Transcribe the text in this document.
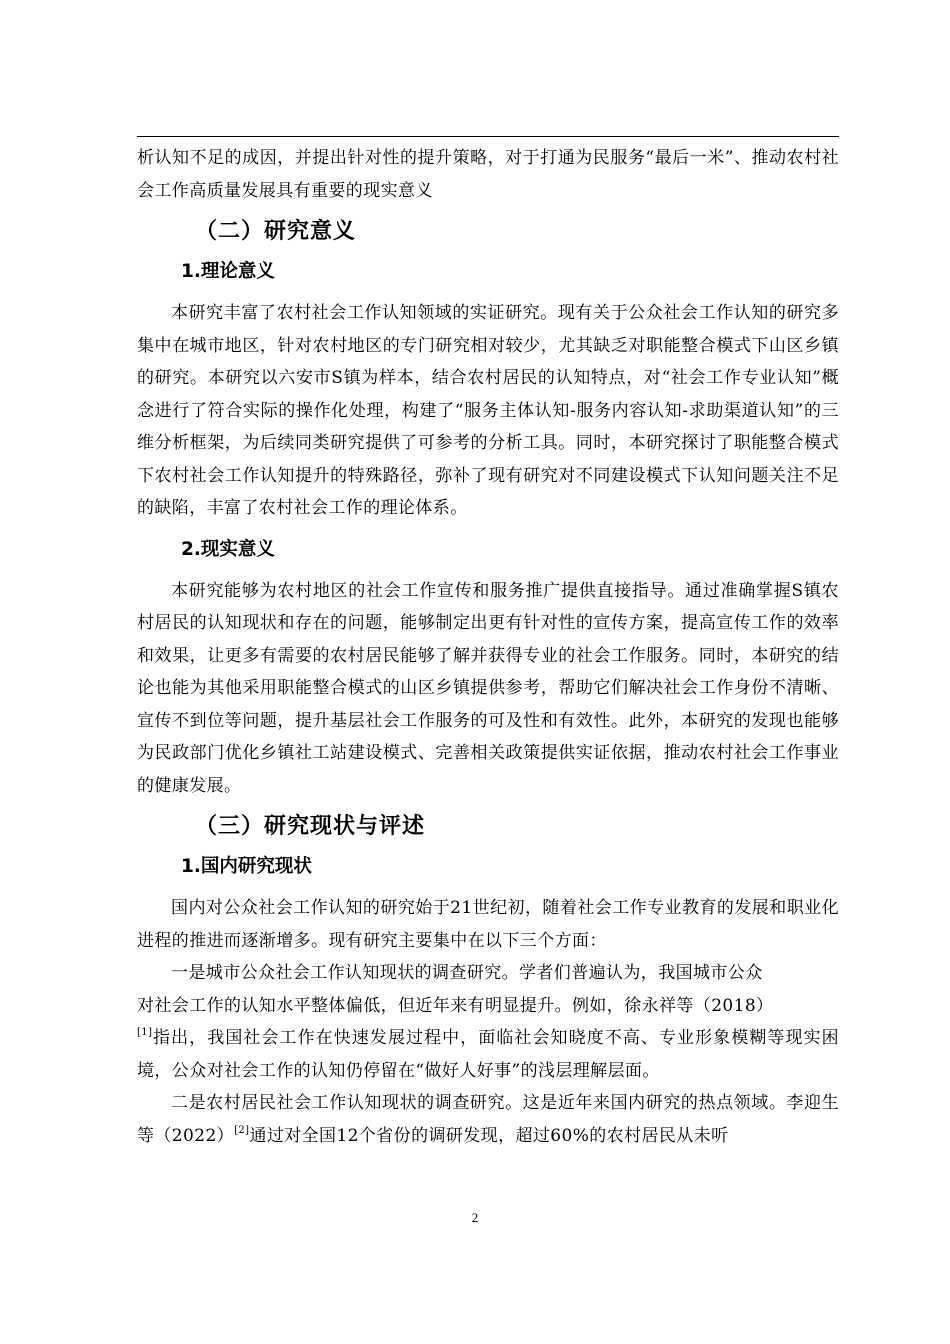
析认知不足的成因，并提出针对性的提升策略，对于打通为民服务“最后一米”、推动农村社会工作高质量发展具有重要的现实意义

（二）研究意义
1.理论意义

本研究丰富了农村社会工作认知领域的实证研究。现有关于公众社会工作认知的研究多集中在城市地区，针对农村地区的专门研究相对较少，尤其缺乏对职能整合模式下山区乡镇的研究。本研究以六安市S镇为样本，结合农村居民的认知特点，对“社会工作专业认知”概念进行了符合实际的操作化处理，构建了“服务主体认知-服务内容认知-求助渠道认知”的三维分析框架，为后续同类研究提供了可参考的分析工具。同时，本研究探讨了职能整合模式下农村社会工作认知提升的特殊路径，弥补了现有研究对不同建设模式下认知问题关注不足的缺陷，丰富了农村社会工作的理论体系。

2.现实意义

本研究能够为农村地区的社会工作宣传和服务推广提供直接指导。通过准确掌握S镇农村居民的认知现状和存在的问题，能够制定出更有针对性的宣传方案，提高宣传工作的效率和效果，让更多有需要的农村居民能够了解并获得专业的社会工作服务。同时，本研究的结论也能为其他采用职能整合模式的山区乡镇提供参考，帮助它们解决社会工作身份不清晰、宣传不到位等问题，提升基层社会工作服务的可及性和有效性。此外，本研究的发现也能够为民政部门优化乡镇社工站建设模式、完善相关政策提供实证依据，推动农村社会工作事业的健康发展。

（三）研究现状与评述
1.国内研究现状

国内对公众社会工作认知的研究始于21世纪初，随着社会工作专业教育的发展和职业化进程的推进而逐渐增多。现有研究主要集中在以下三个方面：

一是城市公众社会工作认知现状的调查研究。学者们普遍认为，我国城市公众
对社会工作的认知水平整体偏低，但近年来有明显提升。例如，徐永祥等（2018）
[1]指出，我国社会工作在快速发展过程中，面临社会知晓度不高、专业形象模糊等现实困境，公众对社会工作的认知仍停留在“做好人好事”的浅层理解层面。

二是农村居民社会工作认知现状的调查研究。这是近年来国内研究的热点领域。李迎生等（2022）[2]通过对全国12个省份的调研发现，超过60%的农村居民从未听

2
